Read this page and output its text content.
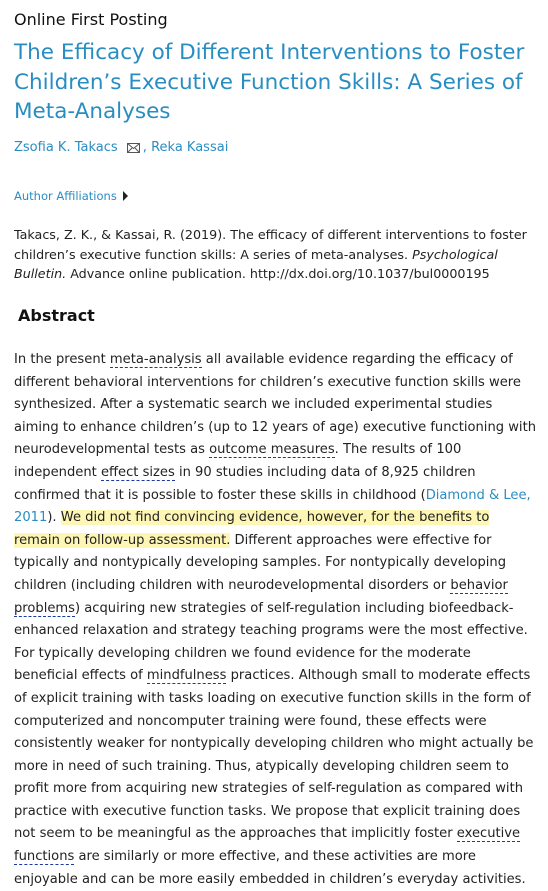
Online First Posting
The Efficacy of Different Interventions to Foster Children’s Executive Function Skills: A Series of Meta-Analyses
Zsofia K. Takacs , Reka Kassai
Author Affiliations
Takacs, Z. K., & Kassai, R. (2019). The efficacy of different interventions to foster children’s executive function skills: A series of meta-analyses. Psychological Bulletin. Advance online publication. http://dx.doi.org/10.1037/bul0000195
Abstract
In the present meta-analysis all available evidence regarding the efficacy of different behavioral interventions for children’s executive function skills were synthesized. After a systematic search we included experimental studies aiming to enhance children’s (up to 12 years of age) executive functioning with neurodevelopmental tests as outcome measures. The results of 100 independent effect sizes in 90 studies including data of 8,925 children confirmed that it is possible to foster these skills in childhood (Diamond & Lee, 2011). We did not find convincing evidence, however, for the benefits to remain on follow-up assessment. Different approaches were effective for typically and nontypically developing samples. For nontypically developing children (including children with neurodevelopmental disorders or behavior problems) acquiring new strategies of self-regulation including biofeedback-enhanced relaxation and strategy teaching programs were the most effective. For typically developing children we found evidence for the moderate beneficial effects of mindfulness practices. Although small to moderate effects of explicit training with tasks loading on executive function skills in the form of computerized and noncomputer training were found, these effects were consistently weaker for nontypically developing children who might actually be more in need of such training. Thus, atypically developing children seem to profit more from acquiring new strategies of self-regulation as compared with practice with executive function tasks. We propose that explicit training does not seem to be meaningful as the approaches that implicitly foster executive functions are similarly or more effective, and these activities are more enjoyable and can be more easily embedded in children’s everyday activities.
